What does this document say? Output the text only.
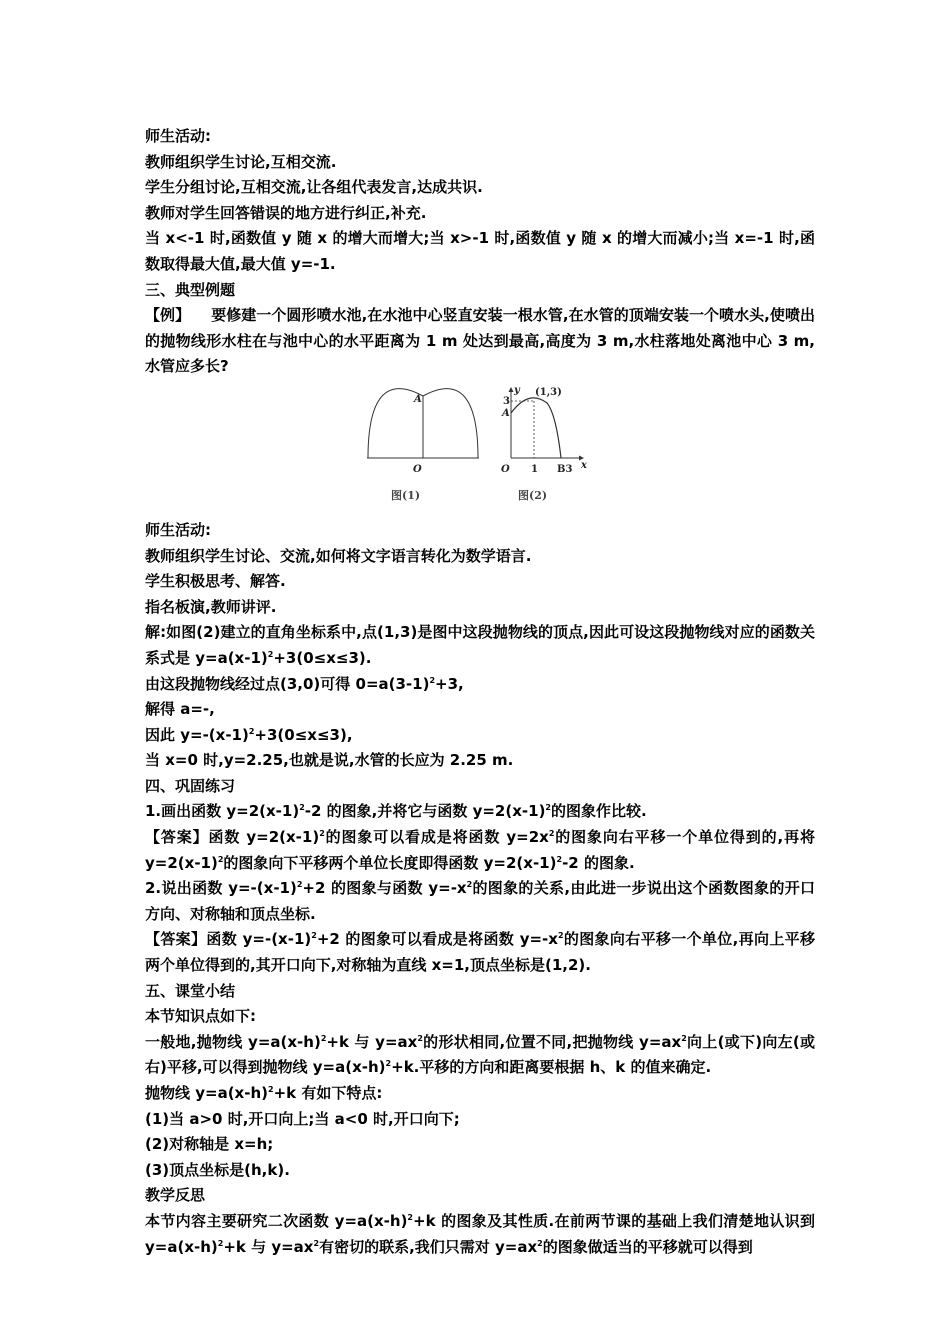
师生活动:

教师组织学生讨论,互相交流.

学生分组讨论,互相交流,让各组代表发言,达成共识.

教师对学生回答错误的地方进行纠正,补充.

当 x<-1 时,函数值 y 随 x 的增大而增大;当 x>-1 时,函数值 y 随 x 的增大而减小;当 x=-1 时,函数取得最大值,最大值 y=-1.

三、典型例题

【例】 要修建一个圆形喷水池,在水池中心竖直安装一根水管,在水管的顶端安装一个喷水头,使喷出的抛物线形水柱在与池中心的水平距离为 1 m 处达到最高,高度为 3 m,水柱落地处离池中心 3 m,水管应多长?

A
O
图(1)
y (1,3)
3
A
O 1 B3 x
图(2)

师生活动:

教师组织学生讨论、交流,如何将文字语言转化为数学语言.

学生积极思考、解答.

指名板演,教师讲评.

解:如图(2)建立的直角坐标系中,点(1,3)是图中这段抛物线的顶点,因此可设这段抛物线对应的函数关系式是 $y=a(x-1)^2+3(0\le x\le 3)$.

由这段抛物线经过点(3,0)可得 $0=a(3-1)^2+3$,

解得 a=-,

因此 $y=-(x-1)^2+3(0\le x\le 3)$,

当 x=0 时,y=2.25,也就是说,水管的长应为 2.25 m.

四、巩固练习

1.画出函数 $y=2(x-1)^2-2$ 的图象,并将它与函数 $y=2(x-1)^2$的图象作比较.

【答案】函数 $y=2(x-1)^2$的图象可以看成是将函数 $y=2x^2$的图象向右平移一个单位得到的,再将 $y=2(x-1)^2$的图象向下平移两个单位长度即得函数 $y=2(x-1)^2-2$ 的图象.

2.说出函数 $y=-(x-1)^2+2$ 的图象与函数 $y=-x^2$的图象的关系,由此进一步说出这个函数图象的开口方向、对称轴和顶点坐标.

【答案】函数 $y=-(x-1)^2+2$ 的图象可以看成是将函数 $y=-x^2$的图象向右平移一个单位,再向上平移两个单位得到的,其开口向下,对称轴为直线 x=1,顶点坐标是(1,2).

五、课堂小结

本节知识点如下:

一般地,抛物线 $y=a(x-h)^2+k$ 与 $y=ax^2$的形状相同,位置不同,把抛物线 $y=ax^2$向上(或下)向左(或右)平移,可以得到抛物线 $y=a(x-h)^2+k$.平移的方向和距离要根据 h、k 的值来确定.

抛物线 $y=a(x-h)^2+k$ 有如下特点:

(1)当 a>0 时,开口向上;当 a<0 时,开口向下;

(2)对称轴是 x=h;

(3)顶点坐标是(h,k).

教学反思

本节内容主要研究二次函数 $y=a(x-h)^2+k$ 的图象及其性质.在前两节课的基础上我们清楚地认识到 $y=a(x-h)^2+k$ 与 $y=ax^2$有密切的联系,我们只需对 $y=ax^2$的图象做适当的平移就可以得到
